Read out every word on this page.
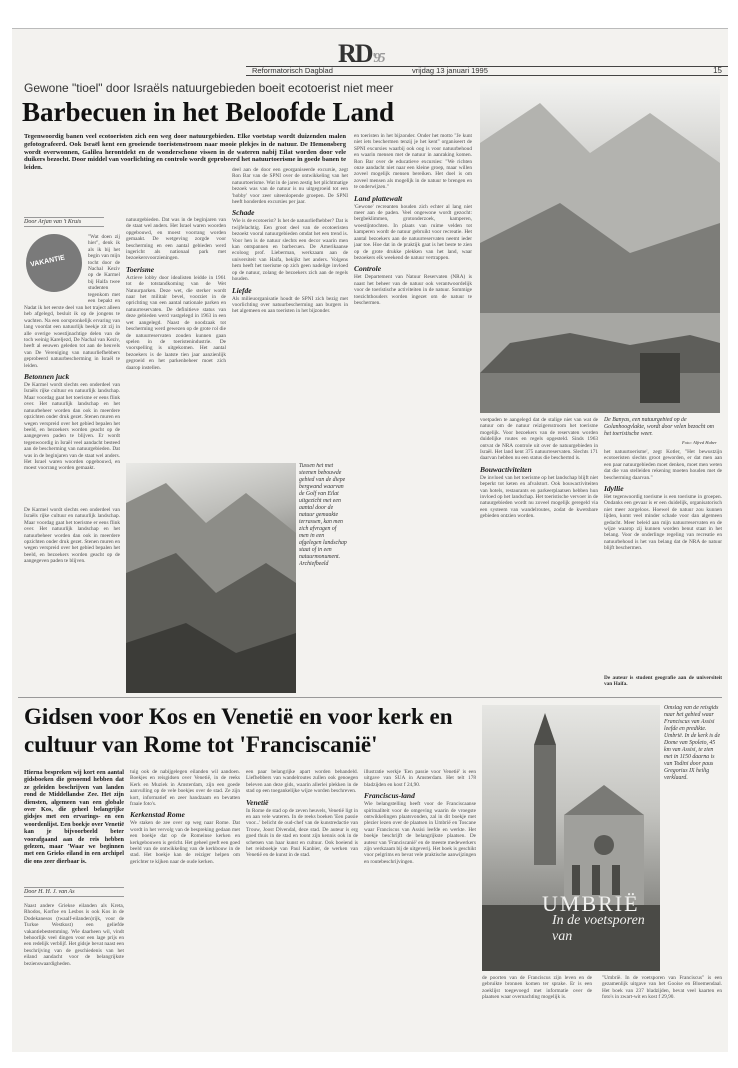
RD'95
Reformatorisch Dagblad	vrijdag 13 januari 1995	15
Gewone "tioel" door Israëls natuurgebieden boeit ecotoerist niet meer
Barbecuen in het Beloofde Land
Tegenwoordig banen veel ecotoeristen zich een weg door natuurgebieden. Elke voetstap wordt duizenden malen gefotografeerd. Ook Israël kent een groeiende toeristenstroom naar mooie plekjes in de natuur. De Hemonsberg wordt overwonnen, Galilea herontdekt en de wonderschone vissen in de wateren nabij Eilat worden door vele duikers bezocht. Door middel van voorlichting en controle wordt geprobeerd het natuurtoerisme in goede banen te leiden.
Door Arjan van 't Kruis
VAKANTIE
"Wat doen zij hier", denk ik als ik bij het begin van mijn tocht door de Nachal Keziv op de Karmel bij Haifa twee studenten tegenkom met een bepakt en
Nadat ik het eerste deel van het traject alleen heb afgelegd, besluit ik op de jongens te wachten. Na een oorspronkelijk ervaring van lang voordat een natuurlijk beekje zit zij in alle overige woestijnachtige delen van de toch weinig Kareljezd, De Nachal van Keziv, heeft al eeuwen geleden tot aan de heuvels van De Vereniging van natuurliefhebbers geprobeerd natuurbescherming in Israël te leiden.
Betonnen juck
De Karmel wordt slechts een onderdeel van Israëls rijke cultuur en natuurlijk landschap. Maar voordag gaat het toerisme er eens flink over. Het natuurlijk landschap en het natuurbeheer worden dan ook in meerdere opzichten onder druk gezet. Stenen muren en wegen verspreid over het gebied bepalen het beeld, en bezoekers worden geacht op de aangegeven paden te blijven. Er wordt tegenwoordig in Israël veel aandacht besteed aan de bescherming van natuurgebieden. Dat was in de beginjaren van de staat wel anders. Het Israel waren woorden opgebouwd, en moest voorrang worden gemaakt.
De Karmel wordt slechts een onderdeel van Israëls rijke cultuur en natuurlijk landschap. Maar voordag gaat het toerisme er eens flink over. Het natuurlijk landschap en het natuurbeheer worden dan ook in meerdere opzichten onder druk gezet. Stenen muren en wegen verspreid over het gebied bepalen het beeld, en bezoekers worden geacht op de aangegeven paden te blijven.
natuurgebieden. Dat was in de beginjaren van de staat wel anders. Het Israel waren woorden opgebouwd, en moest voorrang worden gemaakt. De wetgeving zorgde voor bescherming en een aantal gebieden werd ingericht als nationaal park met bezoekersvoorzieningen.
Toerisme
Actieve lobby door idealisten leidde in 1961 tot de totstandkoming van de Wet Natuurparken. Deze wet, die sterker wordt naar het militair bevel, voorziet in de oprichting van een aantal nationale parken en natuurreservaten. De definitieve status van deze gebieden werd vastgelegd in 1963 in een wet aangelegd. Naast de noodzaak tot bescherming werd gewezen op de grote rol die de natuurreservaten zouden kunnen gaan spelen in de toeristenindustrie. De voorspelling is uitgekomen. Het aantal bezoekers is de laatste tien jaar aanzienlijk gegroeid en het parkenbeheer moet zich daarop instellen.
Tussen het met steenen bebouwde gebied van de diepe bergwand waarvan de Golf van Eilat uitgezicht met een aantal door de natuur gemaakte terrassen, kan men zich afvragen of men in een afgelegen landschap staat of in een natuurmonument. Archiefbeeld
deel aan de door een georganiseerde excursie, zegt Ron Bar van de SPNI over de ontwikkeling van het natuurtoerisme. Wat in de jaren zestig het plichtmatige bezoek was van de natuur is nu uitgegroeid tot een 'hobby' voor zeer uiteenlopende groepen. De SPNI heeft honderden excursies per jaar.
Schade
Wie is de ecotoerist? Is het de natuurliefhebber? Dat is twijfelachtig. Een groot deel van de ecotoeristen bezoekt vooral natuurgebieden omdat het een trend is. Voor hen is de natuur slechts een decor waarin men kan ontspannen en barbecuen. De Amerikaanse ecoloog prof. Lieberman, werkzaam aan de universiteit van Haifa, bekijkt het anders. Volgens hem heeft het toerisme op zich geen nadelige invloed op de natuur, zolang de bezoekers zich aan de regels houden.
Liefde
Als milieuorganisatie houdt de SPNI zich bezig met voorlichting over natuurbescherming aan burgers in het algemeen en aan toeristen in het bijzonder.
en toeristen in het bijzonder. Onder het motto "Je kunt niet iets beschermen tenzij je het kent" organiseert de SPNI excursies waarbij ook oog is voor natuurbehoud en waarin mensen met de natuur in aanraking komen. Ron Bar over de educatieve excursies: "We richten onze aandacht niet naar een kleine groep, maar willen zoveel mogelijk mensen bereiken. Het doel is om zoveel mensen als mogelijk in de natuur te brengen en te onderwijzen."
Land plattewalt
'Gewone' recreanten houden zich echter al lang niet meer aan de paden. Veel ongewone wordt gezocht: bergbeklimmen, grotonderzoek, kamperen, woestijntochten. In plaats van ruime velden tot kamperen wordt de natuur gebruikt voor recreatie. Het aantal bezoekers aan de natuurreservaten neemt ieder jaar toe. Hoe dat in de praktijk gaat is het beste te zien op de grote drukke plekken van het land, waar bezoekers elk weekend de natuur vertrappen.
Controle
Het Departement van Natuur Reservaten (NRA) is naast het beheer van de natuur ook verantwoordelijk voor de toeristische activiteiten in de natuur. Sommige toezichthouders worden ingezet om de natuur te beschermen.
De Banyas, een natuurgebied op de Golanhoogvlakte, wordt door velen bezocht om het toeristische weer.
Foto: Alfred Huber
voetpaden te aangelegd dat de stalige niet van wat de natuur om de natuur reizigersstroom het toerisme mogelijk. Voor bezoekers van de reservaten worden duidelijke routes en regels opgesteld. Sinds 1963 ontvat de NRA controle uit over de natuurgebieden in Israël. Het land kent 375 natuurreservaten. Slechts 171 daarvan hebben nu een status die beschermd is.
Bouwactiviteiten
De invloed van het toerisme op het landschap blijft niet beperkt tot keten en afvalstort. Ook bouwactiviteiten van hotels, restaurants en parkeerplaatsen hebben hun invloed op het landschap. Het toeristische vervoer in de natuurgebieden wordt nu zoveel mogelijk geregeld via een systeem van wandelroutes, zodat de kwetsbare gebieden ontzien worden.
het natuurtoerisme', zegt Kotler, "Het bewustzijn ecotoeristen slechts groot geworden, er dat men aan een paar natuurgebieden moet denken, moet men weten dat die van stelleiden rekening moeten houden met de bescherming daarvan."
Idyllie
Het tegenwoordig toerisme is een toerisme in groepen. Ondanks een gevaar is er een duidelijk, organisatorisch niet meer zorgeloos. Hoewel de natuur zou kunnen lijden, komt veel minder schade voor dan algemeen gedacht. Meer beleid aan mijn natuurreservaten en de wijze waarop zij kunnen worden benut staat in het belang. Voor de onderlinge regeling van recreatie en natuurbehoud is het van belang dat de NRA de natuur blijft beschermen.
De auteur is student geografie aan de universiteit van Haifa.
Gidsen voor Kos en Venetië en voor kerk en cultuur van Rome tot 'Franciscanië'
Hierna bespreken wij kort een aantal gidsboeken die genoemd hebben dat ze geleiden beschrijven van landen rond de Middellandse Zee. Het zijn diensten, algemeen van een globale over Kos, die geheel belangrijke gidsjes met een ervarings- en een woordenlijst. Een boekje over Venetië kan je bijvoorbeeld beter voorafgaand aan de reis hebben gelezen, maar 'Waar we beginnen met een Grieks eiland in een archipel die ons zeer dierbaar is.
Door H. H. J. van As
Naast andere Griekse eilanden als Kreta, Rhodos, Korfoe en Lesbos is ook Kos in de Dodekanesos (twaalf-eilanden)rijk, voor de Turkse Westkust) een geliefde vakantiebestemming. Wie daarheen wil, vindt behoorlijk veel dingen voor een lage prijs en een redelijk verblijf. Het gidsje bevat naast een beschrijving van de geschiedenis van het eiland aandacht voor de belangrijkste bezienswaardigheden.
tuig ook de nabijgelegen eilanden wil aandoen. Boekjes en reisgidsen over Venetië, in de reeks Kerk en Muziek in Amsterdam, zijn een goede aanvulling op de vele boekjes over de stad. Ze zijn kort, informatief en zeer handzaam en bevatten fraaie foto's.
Kerkenstad Rome
We staken de zee over op weg naar Rome. Dat wordt in het vervolg van de bespreking gedaan met een boekje dat op de Romeinse kerken en kerkgebouwen is gericht. Het geheel geeft een goed beeld van de ontwikkeling van de kerkbouw in de stad. Het boekje kan de reiziger helpen om gerichter te kijken naar de oude kerken.
een paar belangrijke apart worden behandeld. Liefhebbers van wandelroutes zullen ook genoegen beleven aan deze gids, waarin allerlei plekken in de stad op een toegankelijke wijze worden beschreven.
Venetië
In Rome de stad op de zeven heuvels, Venetië ligt in en aan vele wateren. In de reeks boeken 'Een passie voor...' belicht de oud-chef van de kunstredactie van Trouw, Joost Divendal, deze stad. De auteur is erg goed thuis in de stad en toont zijn kennis ook in de schetsen van haar kunst en cultuur. Ook boeiend is het reisboekje van Paul Kanbier, de werken van Venetië en de kunst in de stad.
illustratie werkje 'Een passie voor Venetië' is een uitgave van SUA in Amsterdam. Het telt 178 bladzijden en kost f 24,90.
Franciscus-land
Wie belangstelling heeft voor de Franciscaanse spiritualiteit voor de omgeving waarin de vroegste ontwikkelingen plaatsvonden, zal in dit boekje met plezier lezen over de plaatsen in Umbrië en Toscane waar Franciscus van Assisi leefde en werkte. Het boekje beschrijft de belangrijkste plaatsen. De auteur van 'Franciscanië' en de meeste medewerkers zijn werkzaam bij de uitgeverij. Het boek is geschikt voor pelgrims en bevat vele praktische aanwijzingen en routebeschrijvingen.
UMBRIË
In de voetsporen van
Omslag van de reisgids naar het gebied waar Franciscus van Assisi leefde en predikte. Umbrië. In de kerk is de Dome van Spoleto, 45 km van Assisi, te zien met in 1150 daarna is van Todini door paus Gregorius IX heilig verklaard.
de poorten van de Franciscus zijn leven en de gebruikte bronnen komen ter sprake. Er is een zoeklijst toegevoegd met informatie over de plaatsen waar overnachting mogelijk is.
"Umbrië. In de voetsporen van Franciscus" is een gezamenlijk uitgave van het Gooise en Bloemendaal. Het boek van 237 bladzijden, bevat veel kaarten en foto's in zwart-wit en kost f 29,90.
